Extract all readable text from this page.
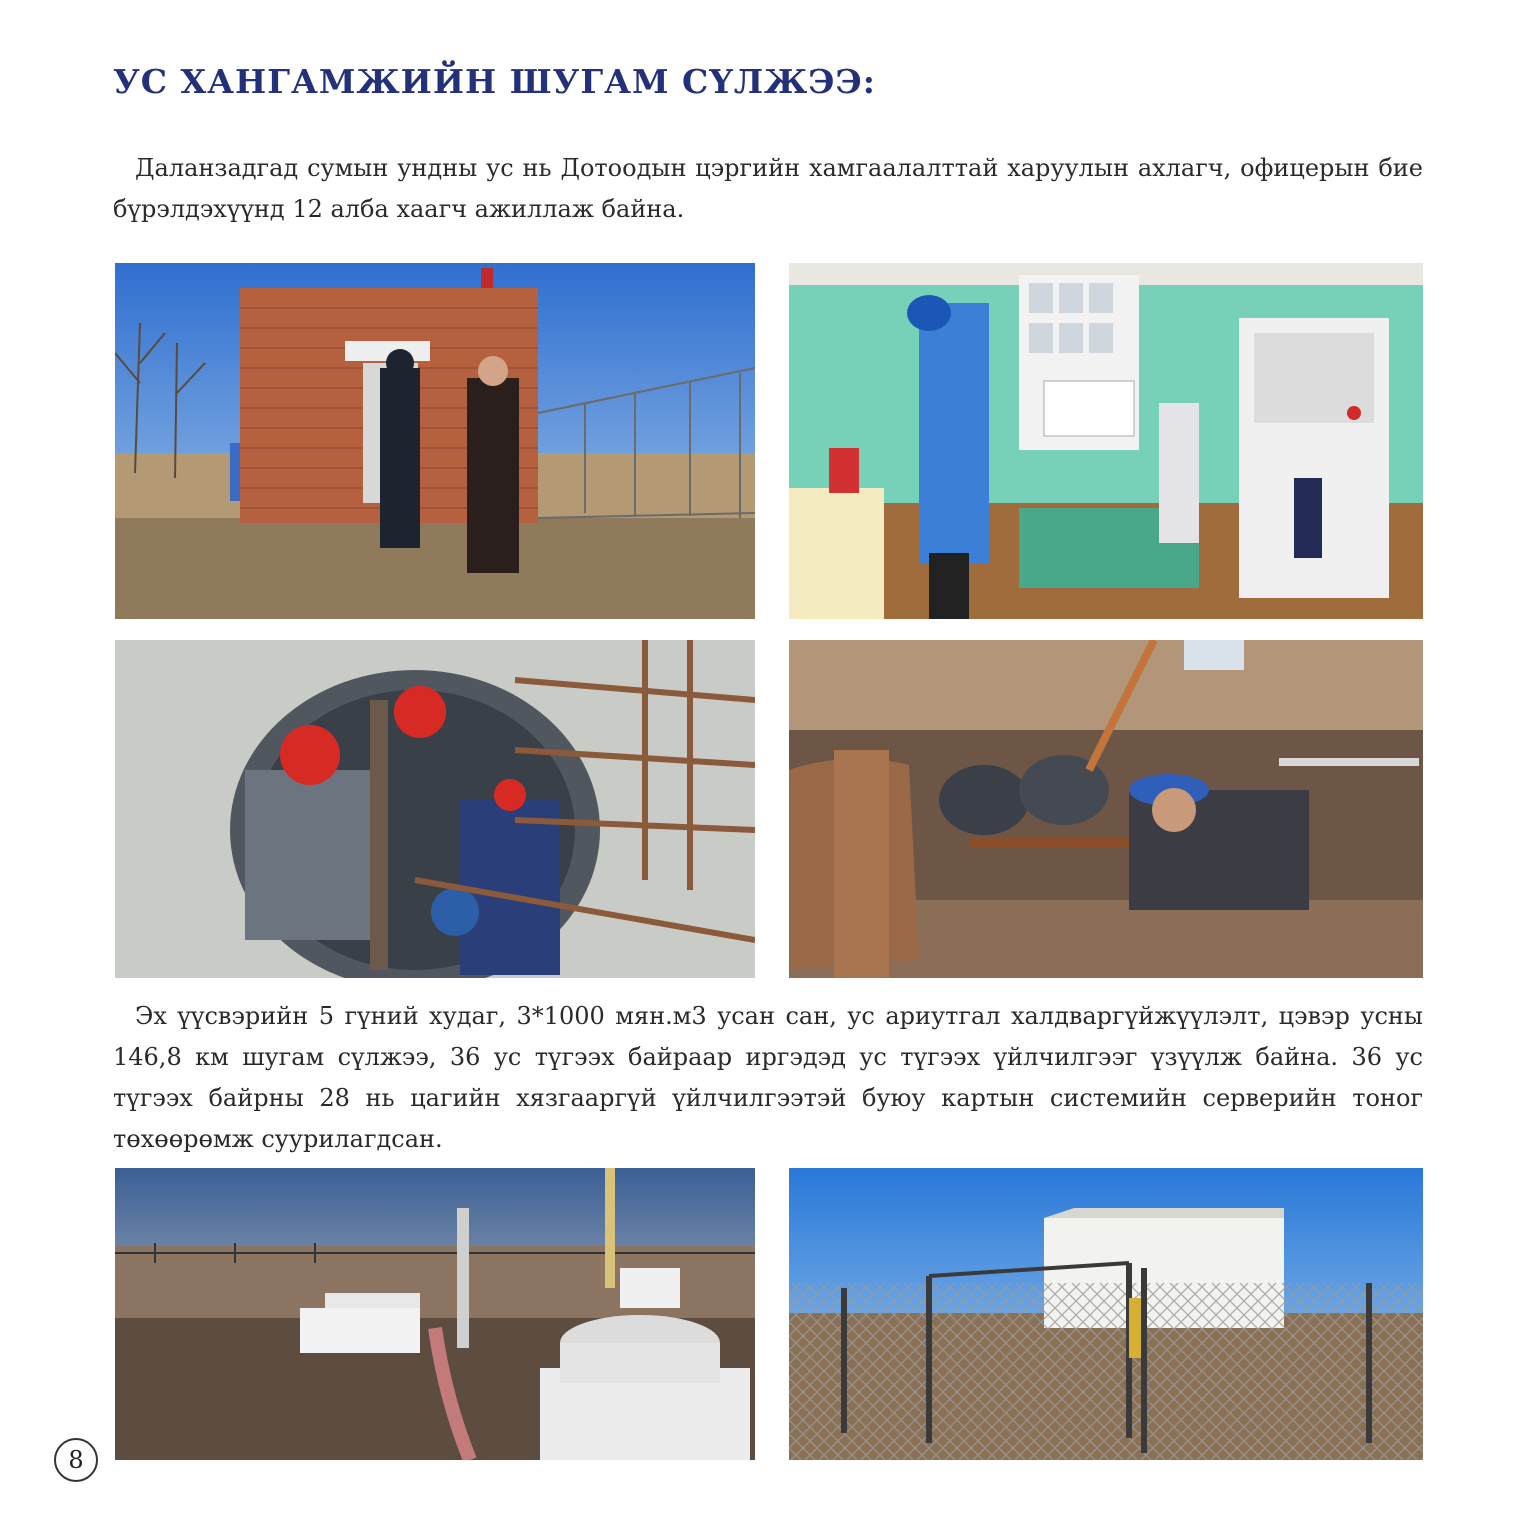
УС ХАНГАМЖИЙН ШУГАМ СҮЛЖЭЭ:

Даланзадгад сумын ундны ус нь Дотоодын цэргийн хамгаалалттай харуулын ахлагч, офицерын бие бүрэлдэхүүнд 12 алба хаагч ажиллаж байна.

Эх үүсвэрийн 5 гүний худаг, 3*1000 мян.м3 усан сан, ус ариутгал халдваргүйжүүлэлт, цэвэр усны 146,8 км шугам сүлжээ, 36 ус түгээх байраар иргэдэд ус түгээх үйлчилгээг үзүүлж байна. 36 ус түгээх байрны 28 нь цагийн хязгааргүй үйлчилгээтэй буюу картын системийн серверийн тоног төхөөрөмж суурилагдсан.

8
